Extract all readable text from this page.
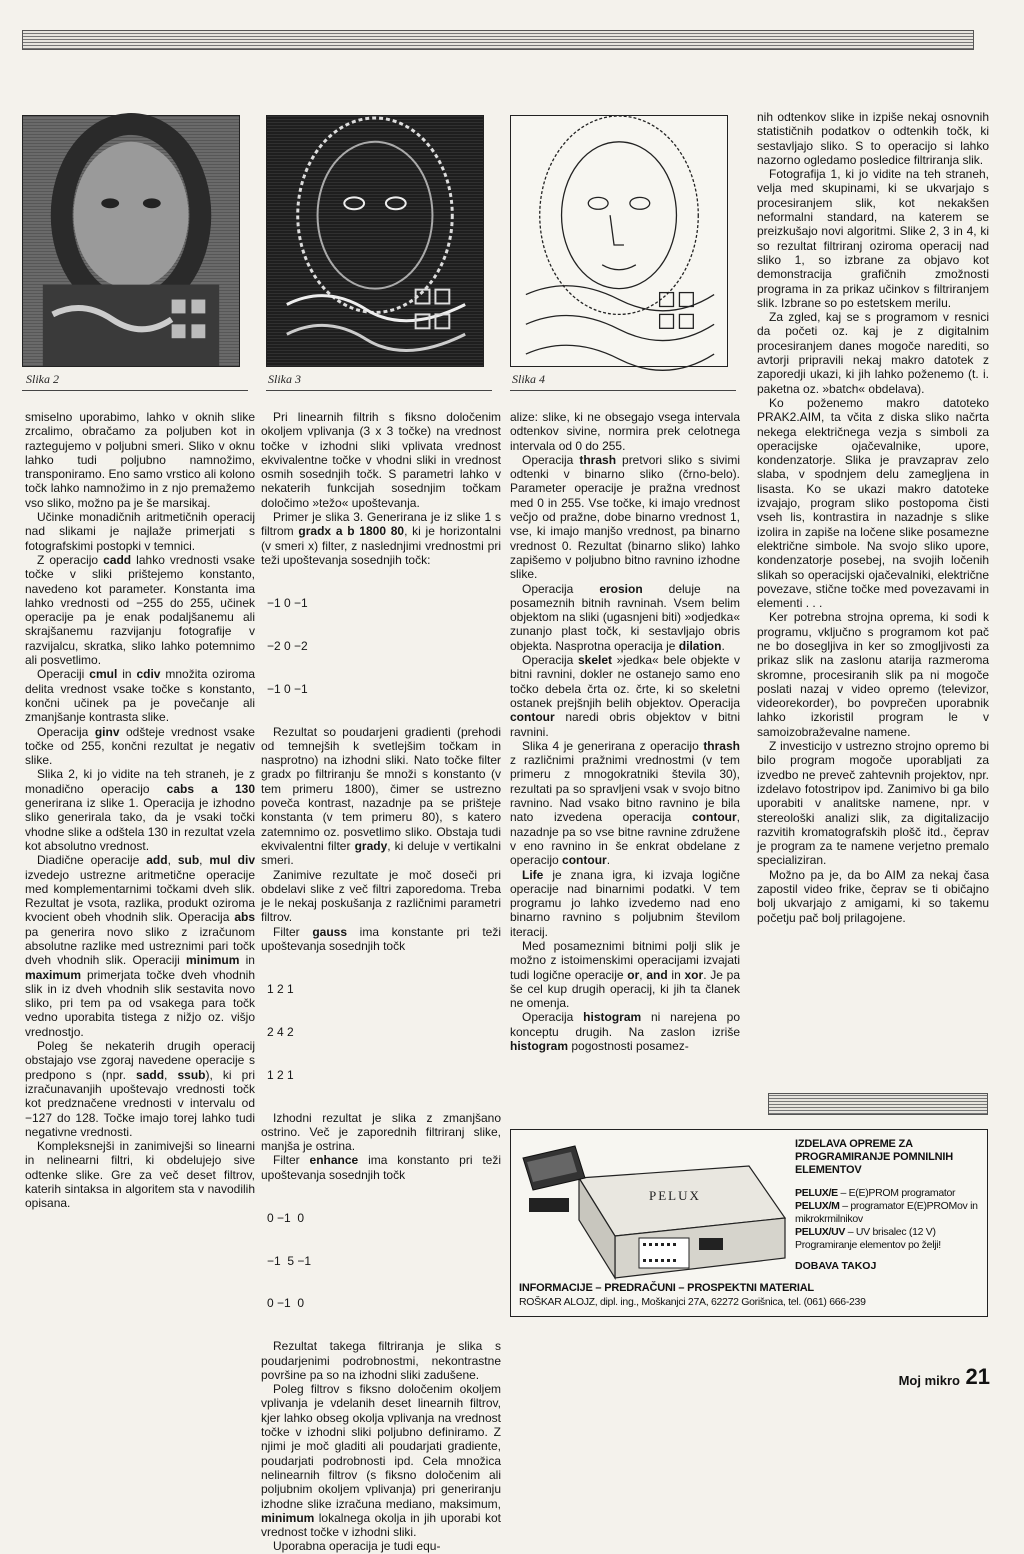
Slika 2	Slika 3	Slika 4

smiselno uporabimo, lahko v oknih slike zrcalimo, obračamo za poljuben kot in raztegujemo v poljubni smeri. Sliko v oknu lahko tudi poljubno namnožimo, transponiramo. Eno samo vrstico ali kolono točk lahko namnožimo in z njo premažemo vso sliko, možno pa je še marsikaj.

Učinke monadičnih aritmetičnih operacij nad slikami je najlaže primerjati s fotografskimi postopki v temnici.

Z operacijo cadd lahko vrednosti vsake točke v sliki prištejemo konstanto, navedeno kot parameter. Konstanta ima lahko vrednosti od −255 do 255, učinek operacije pa je enak podaljšanemu ali skrajšanemu razvijanju fotografije v razvijalcu, skratka, sliko lahko potemnimo ali posvetlimo.

Operaciji cmul in cdiv množita oziroma delita vrednost vsake točke s konstanto, končni učinek pa je povečanje ali zmanjšanje kontrasta slike.

Operacija ginv odšteje vrednost vsake točke od 255, končni rezultat je negativ slike.

Slika 2, ki jo vidite na teh straneh, je z monadično operacijo cabs a 130 generirana iz slike 1. Operacija je izhodno sliko generirala tako, da je vsaki točki vhodne slike a odštela 130 in rezultat vzela kot absolutno vrednost.

Diadične operacije add, sub, mul div izvedejo ustrezne aritmetične operacije med komplementarnimi točkami dveh slik. Rezultat je vsota, razlika, produkt oziroma kvocient obeh vhodnih slik. Operacija abs pa generira novo sliko z izračunom absolutne razlike med ustreznimi pari točk dveh vhodnih slik. Operaciji minimum in maximum primerjata točke dveh vhodnih slik in iz dveh vhodnih slik sestavita novo sliko, pri tem pa od vsakega para točk vedno uporabita tistega z nižjo oz. višjo vrednostjo.

Poleg še nekaterih drugih operacij obstajajo vse zgoraj navedene operacije s predpono s (npr. sadd, ssub), ki pri izračunavanjih upoštevajo vrednosti točk kot predznačene vrednosti v intervalu od −127 do 128. Točke imajo torej lahko tudi negativne vrednosti.

Kompleksnejši in zanimivejši so linearni in nelinearni filtri, ki obdelujejo sive odtenke slike. Gre za več deset filtrov, katerih sintaksa in algoritem sta v navodilih opisana.

Pri linearnih filtrih s fiksno določenim okoljem vplivanja (3 x 3 točke) na vrednost točke v izhodni sliki vplivata vrednost ekvivalentne točke v vhodni sliki in vrednost osmih sosednjih točk. S parametri lahko v nekaterih funkcijah sosednjim točkam določimo »težo« upoštevanja.

Primer je slika 3. Generirana je iz slike 1 s filtrom gradx a b 1800 80, ki je horizontalni (v smeri x) filter, z naslednjimi vrednostmi pri teži upoštevanja sosednjih točk:

−1 0 −1

−2 0 −2

−1 0 −1

Rezultat so poudarjeni gradienti (prehodi od temnejših k svetlejšim točkam in nasprotno) na izhodni sliki. Nato točke filter gradx po filtriranju še množi s konstanto (v tem primeru 1800), čimer se ustrezno poveča kontrast, nazadnje pa se prišteje konstanta (v tem primeru 80), s katero zatemnimo oz. posvetlimo sliko. Obstaja tudi ekvivalentni filter grady, ki deluje v vertikalni smeri.

Zanimive rezultate je moč doseči pri obdelavi slike z več filtri zaporedoma. Treba je le nekaj poskušanja z različnimi parametri filtrov.

Filter gauss ima konstante pri teži upoštevanja sosednjih točk

1 2 1

2 4 2

1 2 1

Izhodni rezultat je slika z zmanjšano ostrino. Več je zaporednih filtriranj slike, manjša je ostrina.

Filter enhance ima konstanto pri teži upoštevanja sosednjih točk

0 −1  0

−1  5 −1

0 −1  0

Rezultat takega filtriranja je slika s poudarjenimi podrobnostmi, nekontrastne površine pa so na izhodni sliki zadušene.

Poleg filtrov s fiksno določenim okoljem vplivanja je vdelanih deset linearnih filtrov, kjer lahko obseg okolja vplivanja na vrednost točke v izhodni sliki poljubno definiramo. Z njimi je moč gladiti ali poudarjati gradiente, poudarjati podrobnosti ipd. Cela množica nelinearnih filtrov (s fiksno določenim ali poljubnim okoljem vplivanja) pri generiranju izhodne slike izračuna mediano, maksimum, minimum lokalnega okolja in jih uporabi kot vrednost točke v izhodni sliki.

Uporabna operacija je tudi equ-

alize: slike, ki ne obsegajo vsega intervala odtenkov sivine, normira prek celotnega intervala od 0 do 255.

Operacija thrash pretvori sliko s sivimi odtenki v binarno sliko (črno-belo). Parameter operacije je pražna vrednost med 0 in 255. Vse točke, ki imajo vrednost večjo od pražne, dobe binarno vrednost 1, vse, ki imajo manjšo vrednost, pa binarno vrednost 0. Rezultat (binarno sliko) lahko zapišemo v poljubno bitno ravnino izhodne slike.

Operacija erosion deluje na posameznih bitnih ravninah. Vsem belim objektom na sliki (ugasnjeni biti) »odjedka« zunanjo plast točk, ki sestavljajo obris objekta. Nasprotna operacija je dilation.

Operacija skelet »jedka« bele objekte v bitni ravnini, dokler ne ostanejo samo eno točko debela črta oz. črte, ki so skeletni ostanek prejšnjih belih objektov. Operacija contour naredi obris objektov v bitni ravnini.

Slika 4 je generirana z operacijo thrash z različnimi pražnimi vrednostmi (v tem primeru z mnogokratniki števila 30), rezultati pa so spravljeni vsak v svojo bitno ravnino. Nad vsako bitno ravnino je bila nato izvedena operacija contour, nazadnje pa so vse bitne ravnine združene v eno ravnino in še enkrat obdelane z operacijo contour.

Life je znana igra, ki izvaja logične operacije nad binarnimi podatki. V tem programu jo lahko izvedemo nad eno binarno ravnino s poljubnim številom iteracij.

Med posameznimi bitnimi polji slik je možno z istoimenskimi operacijami izvajati tudi logične operacije or, and in xor. Je pa še cel kup drugih operacij, ki jih ta članek ne omenja.

Operacija histogram ni narejena po konceptu drugih. Na zaslon izriše histogram pogostnosti posamez-

nih odtenkov slike in izpiše nekaj osnovnih statističnih podatkov o odtenkih točk, ki sestavljajo sliko. S to operacijo si lahko nazorno ogledamo posledice filtriranja slik.

Fotografija 1, ki jo vidite na teh straneh, velja med skupinami, ki se ukvarjajo s procesiranjem slik, kot nekakšen neformalni standard, na katerem se preizkušajo novi algoritmi. Slike 2, 3 in 4, ki so rezultat filtriranj oziroma operacij nad sliko 1, so izbrane za objavo kot demonstracija grafičnih zmožnosti programa in za prikaz učinkov s filtriranjem slik. Izbrane so po estetskem merilu.

Za zgled, kaj se s programom v resnici da početi oz. kaj je z digitalnim procesiranjem danes mogoče narediti, so avtorji pripravili nekaj makro datotek z zaporedji ukazi, ki jih lahko poženemo (t. i. paketna oz. »batch« obdelava).

Ko poženemo makro datoteko PRAK2.AIM, ta včita z diska sliko načrta nekega električnega vezja s simboli za operacijske ojačevalnike, upore, kondenzatorje. Slika je pravzaprav zelo slaba, v spodnjem delu zamegljena in lisasta. Ko se ukazi makro datoteke izvajajo, program sliko postopoma čisti vseh lis, kontrastira in nazadnje s slike izolira in zapiše na ločene slike posamezne električne simbole. Na svojo sliko upore, kondenzatorje posebej, na svojih ločenih slikah so operacijski ojačevalniki, električne povezave, stične točke med povezavami in elementi . . .

Ker potrebna strojna oprema, ki sodi k programu, vključno s programom kot pač ne bo dosegljiva in ker so zmogljivosti za prikaz slik na zaslonu atarija razmeroma skromne, procesiranih slik pa ni mogoče poslati nazaj v video opremo (televizor, videorekorder), bo povprečen uporabnik lahko izkoristil program le v samoizobraževalne namene.

Z investicijo v ustrezno strojno opremo bi bilo program mogoče uporabljati za izvedbo ne preveč zahtevnih projektov, npr. izdelavo fotostripov ipd. Zanimivo bi ga bilo uporabiti v analitske namene, npr. v stereološki analizi slik, za digitalizacijo razvitih kromatografskih plošč itd., čeprav je program za te namene verjetno premalo specializiran.

Možno pa je, da bo AIM za nekaj časa zapostil video frike, čeprav se ti običajno bolj ukvarjajo z amigami, ki so takemu početju pač bolj prilagojene.

PELUX
IZDELAVA OPREME ZA PROGRAMIRANJE POMNILNIH ELEMENTOV
PELUX/E – E(E)PROM programator
PELUX/M – programator E(E)PROMov in mikrokrmilnikov
PELUX/UV – UV brisalec (12 V)
Programiranje elementov po želji!
DOBAVA TAKOJ
INFORMACIJE – PREDRAČUNI – PROSPEKTNI MATERIAL
ROŠKAR ALOJZ, dipl. ing., Moškanjci 27A, 62272 Gorišnica, tel. (061) 666-239
Moj mikro 21
